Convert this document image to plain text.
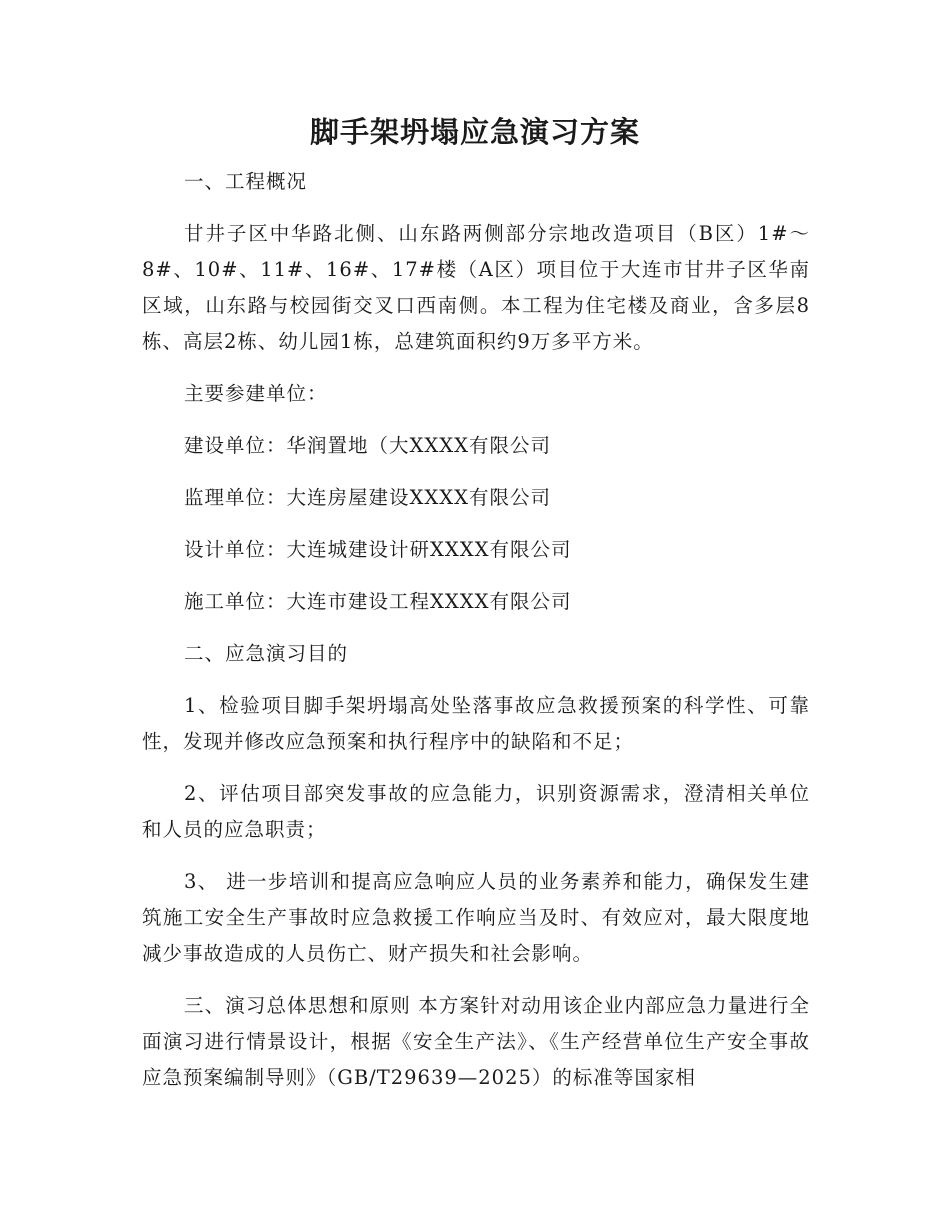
脚手架坍塌应急演习方案

一、工程概况

甘井子区中华路北侧、山东路两侧部分宗地改造项目（B区）1#～8#、10#、11#、16#、17#楼（A区）项目位于大连市甘井子区华南区域，山东路与校园街交叉口西南侧。本工程为住宅楼及商业，含多层8栋、高层2栋、幼儿园1栋，总建筑面积约9万多平方米。

主要参建单位：

建设单位：华润置地（大XXXX有限公司

监理单位：大连房屋建设XXXX有限公司

设计单位：大连城建设计研XXXX有限公司

施工单位：大连市建设工程XXXX有限公司

二、应急演习目的

1、检验项目脚手架坍塌高处坠落事故应急救援预案的科学性、可靠性，发现并修改应急预案和执行程序中的缺陷和不足；

2、评估项目部突发事故的应急能力，识别资源需求，澄清相关单位和人员的应急职责；

3、 进一步培训和提高应急响应人员的业务素养和能力，确保发生建筑施工安全生产事故时应急救援工作响应当及时、有效应对，最大限度地减少事故造成的人员伤亡、财产损失和社会影响。

三、演习总体思想和原则 本方案针对动用该企业内部应急力量进行全面演习进行情景设计，根据《安全生产法》、《生产经营单位生产安全事故应急预案编制导则》（GB/T29639—2025）的标准等国家相
